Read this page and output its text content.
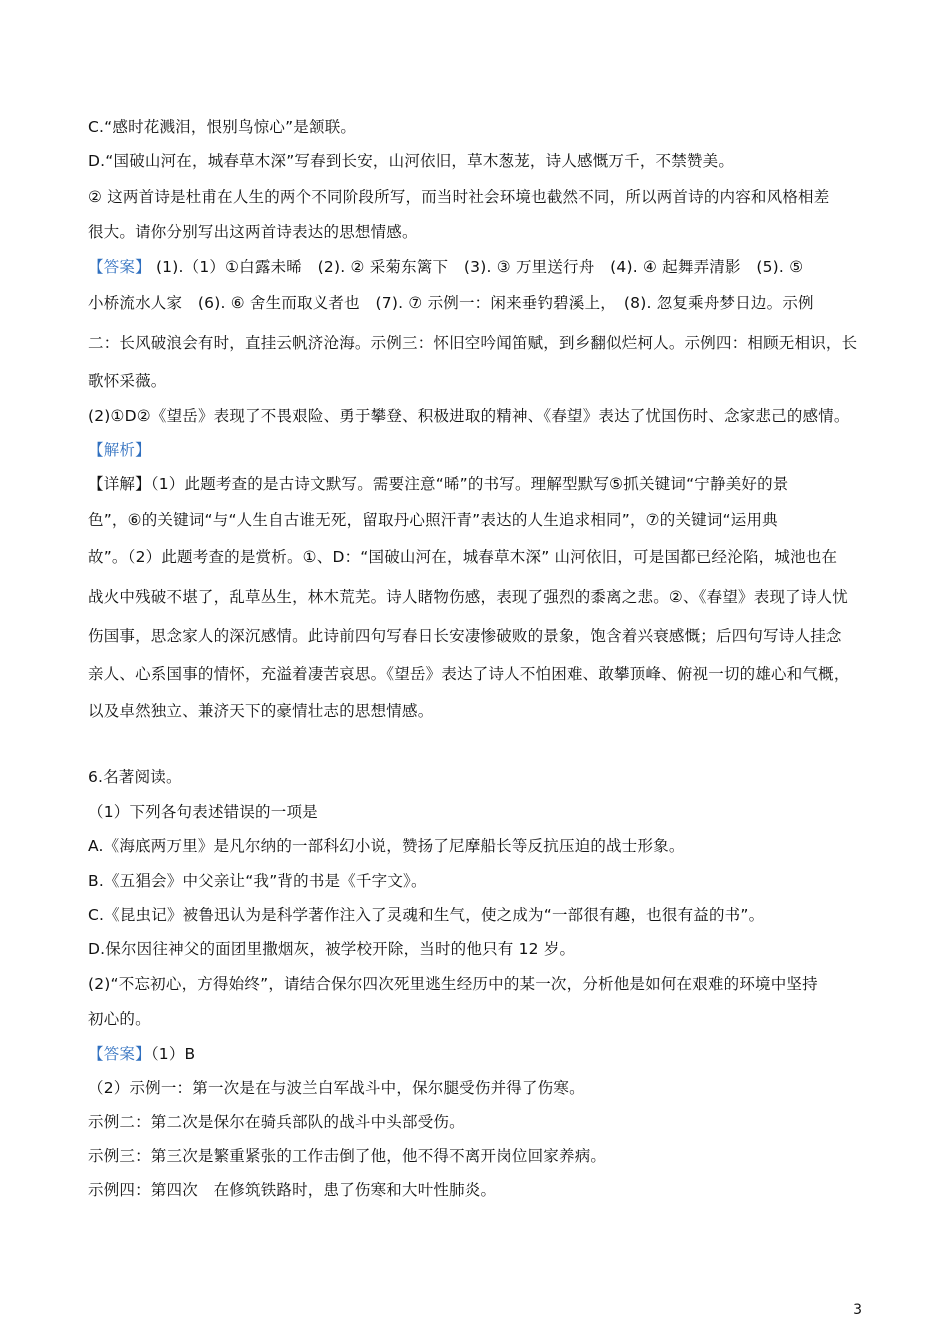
C.“感时花溅泪，恨别鸟惊心”是颔联。
D.“国破山河在，城春草木深”写春到长安，山河依旧，草木葱茏，诗人感慨万千，不禁赞美。
② 这两首诗是杜甫在人生的两个不同阶段所写，而当时社会环境也截然不同，所以两首诗的内容和风格相差
很大。请你分别写出这两首诗表达的思想情感。
【答案】 (1).（1）①白露未晞　(2). ② 采菊东篱下　(3). ③ 万里送行舟　(4). ④ 起舞弄清影　(5). ⑤
小桥流水人家　(6). ⑥ 舍生而取义者也　(7). ⑦ 示例一：闲来垂钓碧溪上，　(8). 忽复乘舟梦日边。示例
二：长风破浪会有时，直挂云帆济沧海。示例三：怀旧空吟闻笛赋，到乡翻似烂柯人。示例四：相顾无相识，长
歌怀采薇。
(2)①D②《望岳》表现了不畏艰险、勇于攀登、积极进取的精神、《春望》表达了忧国伤时、念家悲己的感情。
【解析】
【详解】（1）此题考查的是古诗文默写。需要注意“晞”的书写。理解型默写⑤抓关键词“宁静美好的景
色”，⑥的关键词“与“人生自古谁无死，留取丹心照汗青”表达的人生追求相同”，⑦的关键词“运用典
故”。（2）此题考查的是赏析。①、D：“国破山河在，城春草木深” 山河依旧，可是国都已经沦陷，城池也在
战火中残破不堪了，乱草丛生，林木荒芜。诗人睹物伤感，表现了强烈的黍离之悲。②、《春望》表现了诗人忧
伤国事，思念家人的深沉感情。此诗前四句写春日长安凄惨破败的景象，饱含着兴衰感慨；后四句写诗人挂念
亲人、心系国事的情怀，充溢着凄苦哀思。《望岳》表达了诗人不怕困难、敢攀顶峰、俯视一切的雄心和气概，
以及卓然独立、兼济天下的豪情壮志的思想情感。
6.名著阅读。
（1）下列各句表述错误的一项是
A.《海底两万里》是凡尔纳的一部科幻小说，赞扬了尼摩船长等反抗压迫的战士形象。
B.《五猖会》中父亲让“我”背的书是《千字文》。
C.《昆虫记》被鲁迅认为是科学著作注入了灵魂和生气，使之成为“一部很有趣，也很有益的书”。
D.保尔因往神父的面团里撒烟灰，被学校开除，当时的他只有 12 岁。
(2)“不忘初心，方得始终”，请结合保尔四次死里逃生经历中的某一次，分析他是如何在艰难的环境中坚持
初心的。
【答案】（1）B
（2）示例一：第一次是在与波兰白军战斗中，保尔腿受伤并得了伤寒。
示例二：第二次是保尔在骑兵部队的战斗中头部受伤。
示例三：第三次是繁重紧张的工作击倒了他，他不得不离开岗位回家养病。
示例四：第四次　在修筑铁路时，患了伤寒和大叶性肺炎。
3
